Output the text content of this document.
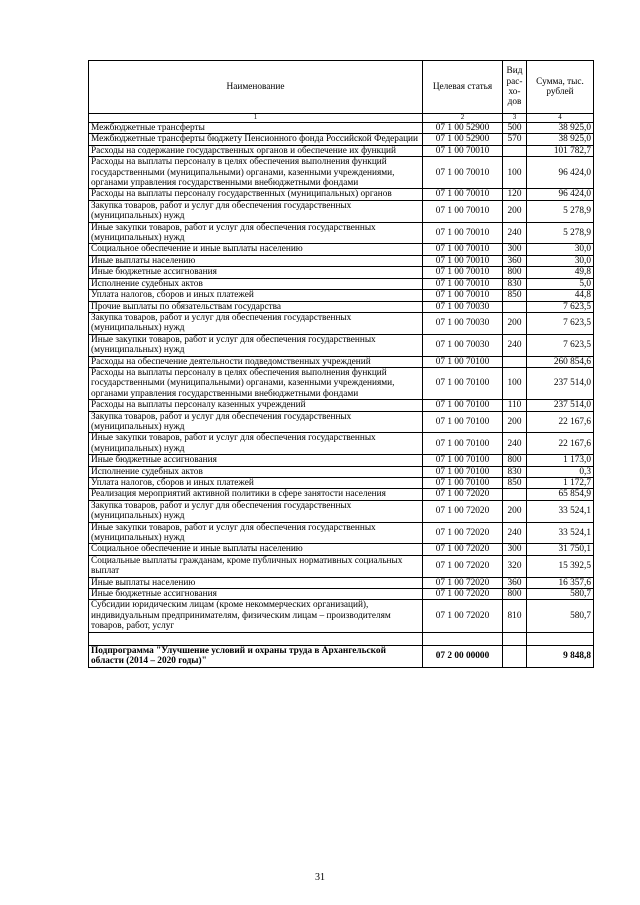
Наименование	Целевая статья	Вид рас-хо-дов	Сумма, тыс. рублей
1	2	3	4
Межбюджетные трансферты	07 1 00 52900	500	38 925,0
Межбюджетные трансферты бюджету Пенсионного фонда Российской Федерации	07 1 00 52900	570	38 925,0
Расходы на содержание государственных органов и обеспечение их функций	07 1 00 70010		101 782,7
Расходы на выплаты персоналу в целях обеспечения выполнения функций государственными (муниципальными) органами, казенными учреждениями, органами управления государственными внебюджетными фондами	07 1 00 70010	100	96 424,0
Расходы на выплаты персоналу государственных (муниципальных) органов	07 1 00 70010	120	96 424,0
Закупка товаров, работ и услуг для обеспечения государственных (муниципальных) нужд	07 1 00 70010	200	5 278,9
Иные закупки товаров, работ и услуг для обеспечения государственных (муниципальных) нужд	07 1 00 70010	240	5 278,9
Социальное обеспечение и иные выплаты населению	07 1 00 70010	300	30,0
Иные выплаты населению	07 1 00 70010	360	30,0
Иные бюджетные ассигнования	07 1 00 70010	800	49,8
Исполнение судебных актов	07 1 00 70010	830	5,0
Уплата налогов, сборов и иных платежей	07 1 00 70010	850	44,8
Прочие выплаты по обязательствам государства	07 1 00 70030		7 623,5
Закупка товаров, работ и услуг для обеспечения государственных (муниципальных) нужд	07 1 00 70030	200	7 623,5
Иные закупки товаров, работ и услуг для обеспечения государственных (муниципальных) нужд	07 1 00 70030	240	7 623,5
Расходы на обеспечение деятельности подведомственных учреждений	07 1 00 70100		260 854,6
Расходы на выплаты персоналу в целях обеспечения выполнения функций государственными (муниципальными) органами, казенными учреждениями, органами управления государственными внебюджетными фондами	07 1 00 70100	100	237 514,0
Расходы на выплаты персоналу казенных учреждений	07 1 00 70100	110	237 514,0
Закупка товаров, работ и услуг для обеспечения государственных (муниципальных) нужд	07 1 00 70100	200	22 167,6
Иные закупки товаров, работ и услуг для обеспечения государственных (муниципальных) нужд	07 1 00 70100	240	22 167,6
Иные бюджетные ассигнования	07 1 00 70100	800	1 173,0
Исполнение судебных актов	07 1 00 70100	830	0,3
Уплата налогов, сборов и иных платежей	07 1 00 70100	850	1 172,7
Реализация мероприятий активной политики в сфере занятости населения	07 1 00 72020		65 854,9
Закупка товаров, работ и услуг для обеспечения государственных (муниципальных) нужд	07 1 00 72020	200	33 524,1
Иные закупки товаров, работ и услуг для обеспечения государственных (муниципальных) нужд	07 1 00 72020	240	33 524,1
Социальное обеспечение и иные выплаты населению	07 1 00 72020	300	31 750,1
Социальные выплаты гражданам, кроме публичных нормативных социальных выплат	07 1 00 72020	320	15 392,5
Иные выплаты населению	07 1 00 72020	360	16 357,6
Иные бюджетные ассигнования	07 1 00 72020	800	580,7
Субсидии юридическим лицам (кроме некоммерческих организаций), индивидуальным предпринимателям, физическим лицам – производителям товаров, работ, услуг	07 1 00 72020	810	580,7

Подпрограмма "Улучшение условий и охраны труда в Архангельской области (2014 – 2020 годы)"	07 2 00 00000		9 848,8
31
